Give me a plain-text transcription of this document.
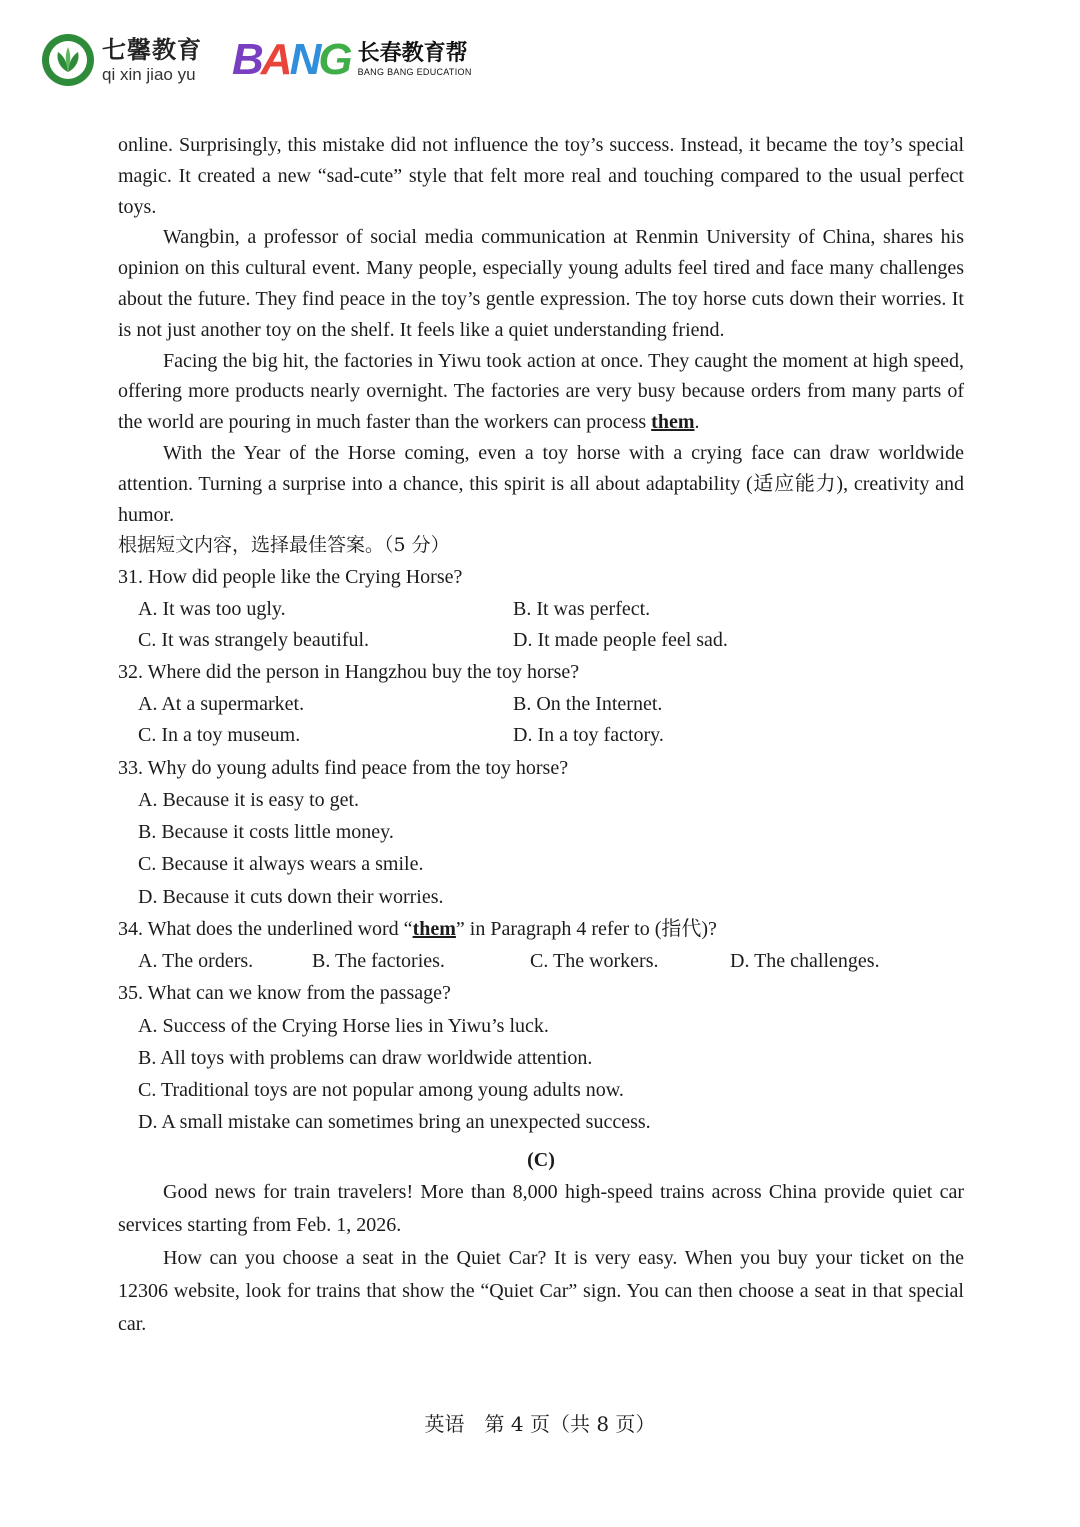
七馨教育
qi xin jiao yu BANG 长春教育帮
BANG BANG EDUCATION

online. Surprisingly, this mistake did not influence the toy’s success. Instead, it became the toy’s special magic. It created a new “sad-cute” style that felt more real and touching compared to the usual perfect toys.

Wangbin, a professor of social media communication at Renmin University of China, shares his opinion on this cultural event. Many people, especially young adults feel tired and face many challenges about the future. They find peace in the toy’s gentle expression. The toy horse cuts down their worries. It is not just another toy on the shelf. It feels like a quiet understanding friend.

Facing the big hit, the factories in Yiwu took action at once. They caught the moment at high speed, offering more products nearly overnight. The factories are very busy because orders from many parts of the world are pouring in much faster than the workers can process them.

With the Year of the Horse coming, even a toy horse with a crying face can draw worldwide attention. Turning a surprise into a chance, this spirit is all about adaptability (适应能力), creativity and humor.

根据短文内容，选择最佳答案。（5 分）

31. How did people like the Crying Horse?

A. It was too ugly.	B. It was perfect.
C. It was strangely beautiful.	D. It made people feel sad.

32. Where did the person in Hangzhou buy the toy horse?

A. At a supermarket.	B. On the Internet.
C. In a toy museum.	D. In a toy factory.

33. Why do young adults find peace from the toy horse?

A. Because it is easy to get.
B. Because it costs little money.
C. Because it always wears a smile.
D. Because it cuts down their worries.

34. What does the underlined word “them” in Paragraph 4 refer to (指代)?

A. The orders.	B. The factories.	C. The workers.	D. The challenges.

35. What can we know from the passage?

A. Success of the Crying Horse lies in Yiwu’s luck.
B. All toys with problems can draw worldwide attention.
C. Traditional toys are not popular among young adults now.
D. A small mistake can sometimes bring an unexpected success.

(C)

Good news for train travelers! More than 8,000 high-speed trains across China provide quiet car services starting from Feb. 1, 2026.

How can you choose a seat in the Quiet Car? It is very easy. When you buy your ticket on the 12306 website, look for trains that show the “Quiet Car” sign. You can then choose a seat in that special car.

英语　第 4 页（共 8 页）
